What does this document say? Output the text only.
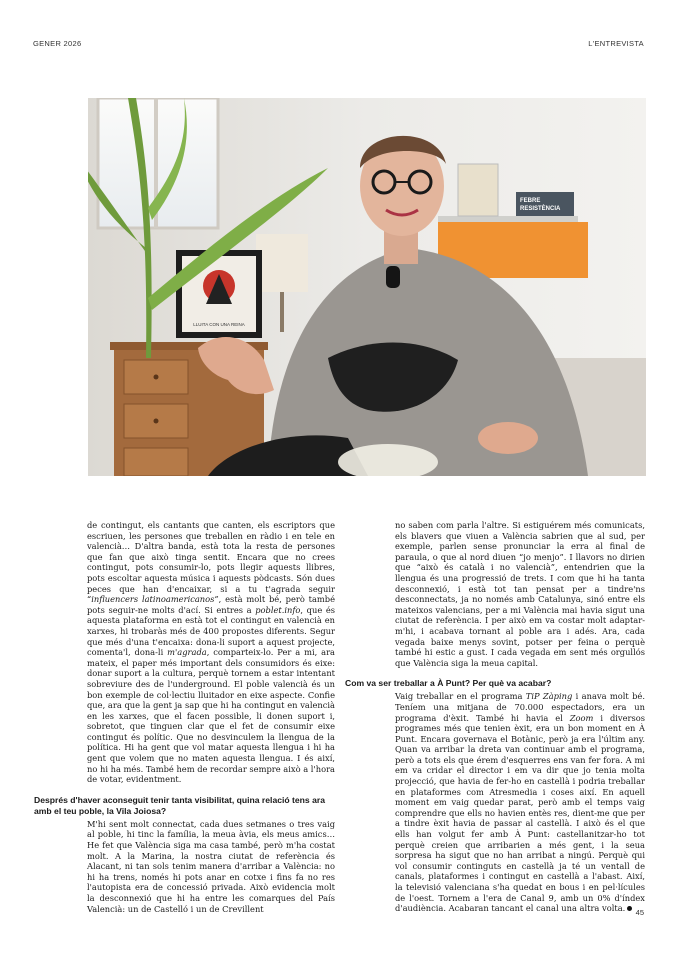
GENER 2026	L'ENTREVISTA
LLUITA CON UNA REINA
FEBRE
RESISTÈNCIA

de contingut, els cantants que canten, els escriptors que escriuen, les persones que treballen en ràdio i en tele en valencià… D'altra banda, està tota la resta de persones que fan que això tinga sentit. Encara que no crees contingut, pots consumir-lo, pots llegir aquests llibres, pots escoltar aquesta música i aquests pòdcasts. Són dues peces que han d'encaixar, si a tu t'agrada seguir “influencers latinoamericanos”, està molt bé, però també pots seguir-ne molts d'ací. Si entres a poblet.info, que és aquesta plataforma en està tot el contingut en valencià en xarxes, hi trobaràs més de 400 propostes diferents. Segur que més d'una t'encaixa: dona-li suport a aquest projecte, comenta'l, dona-li m'agrada, comparteix-lo. Per a mi, ara mateix, el paper més important dels consumidors és eixe: donar suport a la cultura, perquè tornem a estar intentant sobreviure des de l'underground. El poble valencià és un bon exemple de col·lectiu lluitador en eixe aspecte. Confie que, ara que la gent ja sap que hi ha contingut en valencià en les xarxes, que el facen possible, li donen suport i, sobretot, que tinguen clar que el fet de consumir eixe contingut és polític. Que no desvinculem la llengua de la política. Hi ha gent que vol matar aquesta llengua i hi ha gent que volem que no maten aquesta llengua. I és així, no hi ha més. També hem de recordar sempre això a l'hora de votar, evidentment.

Després d'haver aconseguit tenir tanta visibilitat, quina relació tens ara amb el teu poble, la Vila Joiosa?

M'hi sent molt connectat, cada dues setmanes o tres vaig al poble, hi tinc la família, la meua àvia, els meus amics… He fet que València siga ma casa també, però m'ha costat molt. A la Marina, la nostra ciutat de referència és Alacant, ni tan sols tenim manera d'arribar a València: no hi ha trens, només hi pots anar en cotxe i fins fa no res l'autopista era de concessió privada. Això evidencia molt la desconnexió que hi ha entre les comarques del País Valencià: un de Castelló i un de Crevillent

no saben com parla l'altre. Si estiguérem més comunicats, els blavers que viuen a València sabrien que al sud, per exemple, parlen sense pronunciar la erra al final de paraula, o que al nord diuen “jo menjo”. I llavors no dirien que “això és català i no valencià”, entendrien que la llengua és una progressió de trets. I com que hi ha tanta desconnexió, i està tot tan pensat per a tindre'ns desconnectats, ja no només amb Catalunya, sinó entre els mateixos valencians, per a mi València mai havia sigut una ciutat de referència. I per això em va costar molt adaptar-m'hi, i acabava tornant al poble ara i adés. Ara, cada vegada baixe menys sovint, potser per feina o perquè també hi estic a gust. I cada vegada em sent més orgullós que València siga la meua capital.

Com va ser treballar a À Punt? Per què va acabar?

Vaig treballar en el programa TiP Zàping i anava molt bé. Teníem una mitjana de 70.000 espectadors, era un programa d'èxit. També hi havia el Zoom i diversos programes més que tenien èxit, era un bon moment en À Punt. Encara governava el Botànic, però ja era l'últim any. Quan va arribar la dreta van continuar amb el programa, però a tots els que érem d'esquerres ens van fer fora. A mi em va cridar el director i em va dir que jo tenia molta projecció, que havia de fer-ho en castellà i podria treballar en plataformes com Atresmedia i coses així. En aquell moment em vaig quedar parat, però amb el temps vaig comprendre que ells no havien entès res, dient-me que per a tindre èxit havia de passar al castellà. I això és el que ells han volgut fer amb À Punt: castellanitzar-ho tot perquè creien que arribarien a més gent, i la seua sorpresa ha sigut que no han arribat a ningú. Perquè qui vol consumir continguts en castellà ja té un ventall de canals, plataformes i contingut en castellà a l'abast. Així, la televisió valenciana s'ha quedat en bous i en pel·lícules de l'oest. Tornem a l'era de Canal 9, amb un 0% d'índex d'audiència. Acabaran tancant el canal una altra volta.	45
